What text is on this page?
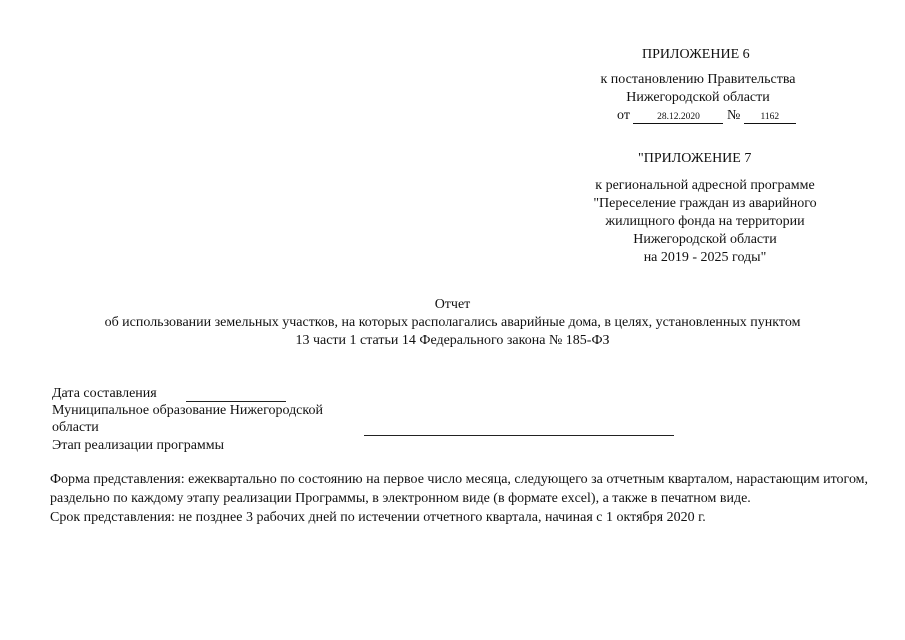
ПРИЛОЖЕНИЕ 6
к постановлению Правительства
Нижегородской области
от	28.12.2020 № 1162
"ПРИЛОЖЕНИЕ 7
к региональной адресной программе
"Переселение граждан из аварийного
жилищного фонда на территории
Нижегородской области
на 2019 - 2025 годы"
Отчет
об использовании земельных участков, на которых располагались аварийные дома, в целях, установленных пунктом
13 части 1 статьи 14 Федерального закона № 185-ФЗ
Дата составления
Муниципальное образование Нижегородской
области
Этап реализации программы
Форма представления: ежеквартально по состоянию на первое число месяца, следующего за отчетным кварталом, нарастающим итогом, раздельно по каждому этапу реализации Программы, в электронном виде (в формате excel), а также в печатном виде.
Срок представления: не позднее 3 рабочих дней по истечении отчетного квартала, начиная с 1 октября 2020 г.
